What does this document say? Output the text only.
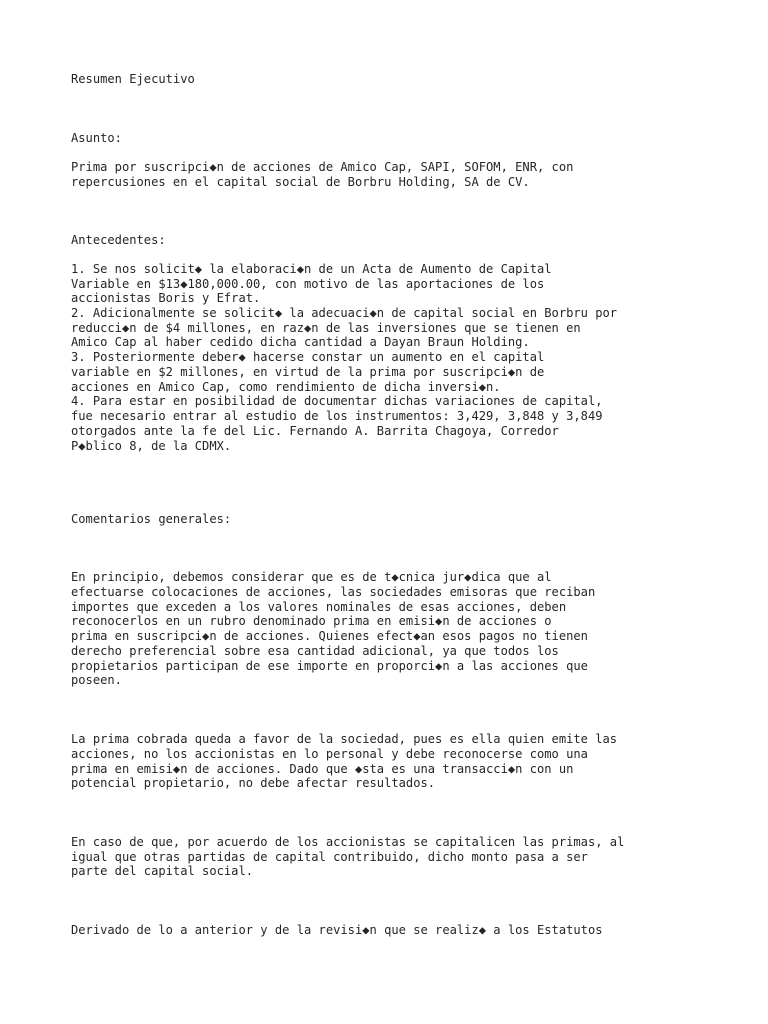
Resumen Ejecutivo

Asunto:

Prima por suscripci◆n de acciones de Amico Cap, SAPI, SOFOM, ENR, con

repercusiones en el capital social de Borbru Holding, SA de CV.

Antecedentes:

1. Se nos solicit◆ la elaboraci◆n de un Acta de Aumento de Capital

Variable en $13◆180,000.00, con motivo de las aportaciones de los

accionistas Boris y Efrat.

2. Adicionalmente se solicit◆ la adecuaci◆n de capital social en Borbru por

reducci◆n de $4 millones, en raz◆n de las inversiones que se tienen en

Amico Cap al haber cedido dicha cantidad a Dayan Braun Holding.

3. Posteriormente deber◆ hacerse constar un aumento en el capital

variable en $2 millones, en virtud de la prima por suscripci◆n de

acciones en Amico Cap, como rendimiento de dicha inversi◆n.

4. Para estar en posibilidad de documentar dichas variaciones de capital,

fue necesario entrar al estudio de los instrumentos: 3,429, 3,848 y 3,849

otorgados ante la fe del Lic. Fernando A. Barrita Chagoya, Corredor

P◆blico 8, de la CDMX.

Comentarios generales:

En principio, debemos considerar que es de t◆cnica jur◆dica que al

efectuarse colocaciones de acciones, las sociedades emisoras que reciban

importes que exceden a los valores nominales de esas acciones, deben

reconocerlos en un rubro denominado prima en emisi◆n de acciones o

prima en suscripci◆n de acciones. Quienes efect◆an esos pagos no tienen

derecho preferencial sobre esa cantidad adicional, ya que todos los

propietarios participan de ese importe en proporci◆n a las acciones que

poseen.

La prima cobrada queda a favor de la sociedad, pues es ella quien emite las

acciones, no los accionistas en lo personal y debe reconocerse como una

prima en emisi◆n de acciones. Dado que ◆sta es una transacci◆n con un

potencial propietario, no debe afectar resultados.

En caso de que, por acuerdo de los accionistas se capitalicen las primas, al

igual que otras partidas de capital contribuido, dicho monto pasa a ser

parte del capital social.

Derivado de lo a anterior y de la revisi◆n que se realiz◆ a los Estatutos
